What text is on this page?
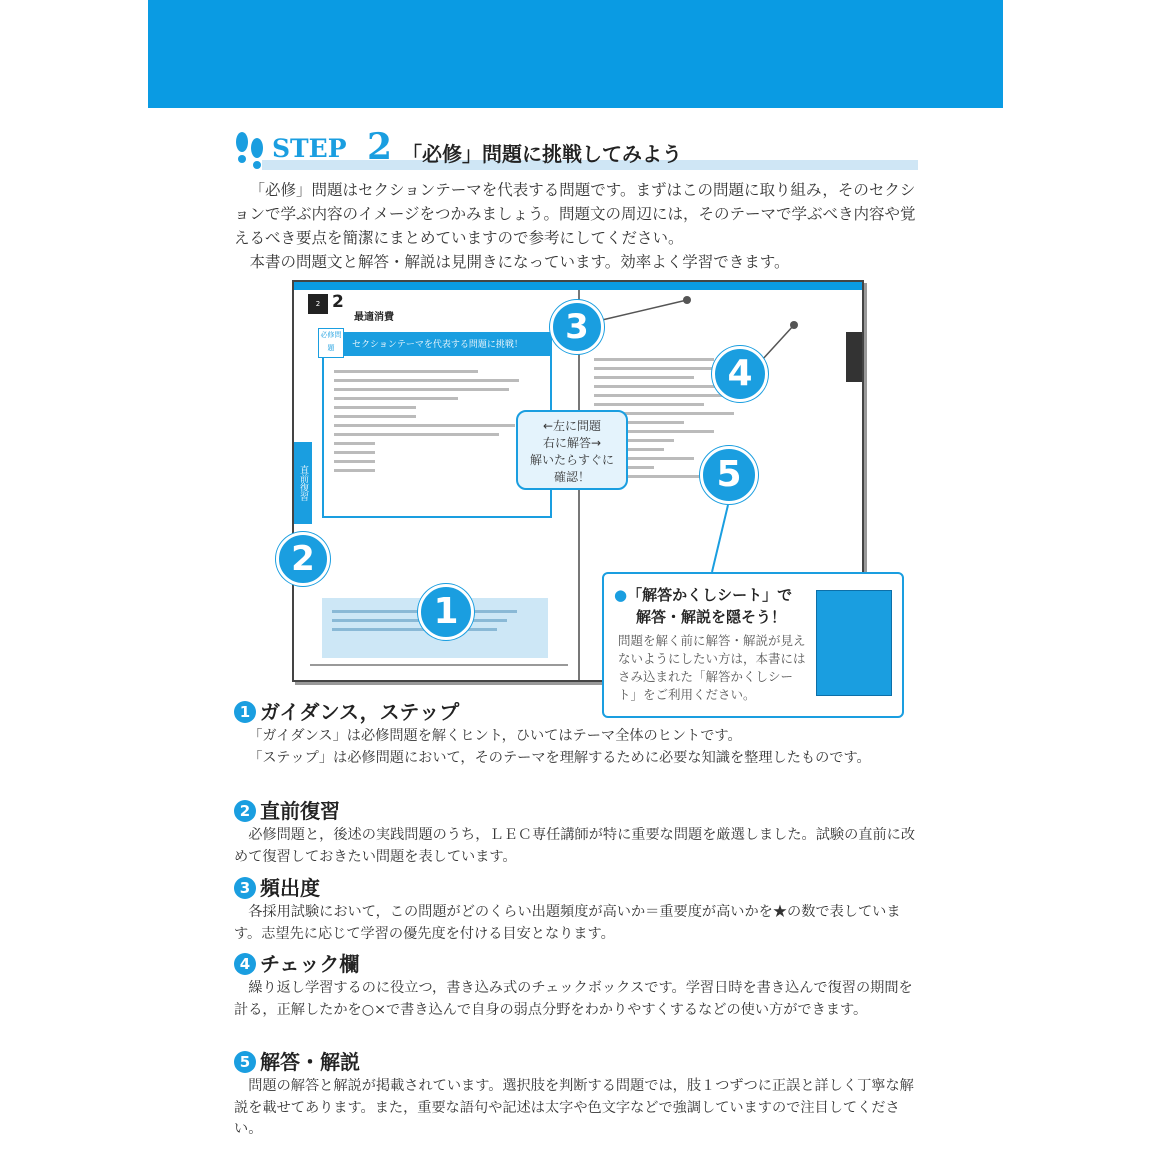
STEP 2 「必修」問題に挑戦してみよう

「必修」問題はセクションテーマを代表する問題です。まずはこの問題に取り組み，そのセクションで学ぶ内容のイメージをつかみましょう。問題文の周辺には，そのテーマで学ぶべき内容や覚えるべき要点を簡潔にまとめていますので参考にしてください。

本書の問題文と解答・解説は見開きになっています。効率よく学習できます。

2 2
最適消費
直前復習
セクションテーマを代表する問題に挑戦！
必修問題
←左に問題
右に解答→
解いたらすぐに
確認！
1
2
3
4
5
●「解答かくしシート」で
解答・解説を隠そう！
問題を解く前に解答・解説が見えないようにしたい方は，本書にはさみ込まれた「解答かくしシート」をご利用ください。
1 ガイダンス，ステップ

「ガイダンス」は必修問題を解くヒント，ひいてはテーマ全体のヒントです。

「ステップ」は必修問題において，そのテーマを理解するために必要な知識を整理したものです。

2 直前復習

必修問題と，後述の実践問題のうち，ＬＥＣ専任講師が特に重要な問題を厳選しました。試験の直前に改めて復習しておきたい問題を表しています。

3 頻出度

各採用試験において，この問題がどのくらい出題頻度が高いか＝重要度が高いかを★の数で表しています。志望先に応じて学習の優先度を付ける目安となります。

4 チェック欄

繰り返し学習するのに役立つ，書き込み式のチェックボックスです。学習日時を書き込んで復習の期間を計る，正解したかを○×で書き込んで自身の弱点分野をわかりやすくするなどの使い方ができます。

5 解答・解説

問題の解答と解説が掲載されています。選択肢を判断する問題では，肢１つずつに正誤と詳しく丁寧な解説を載せてあります。また，重要な語句や記述は太字や色文字などで強調していますので注目してください。
